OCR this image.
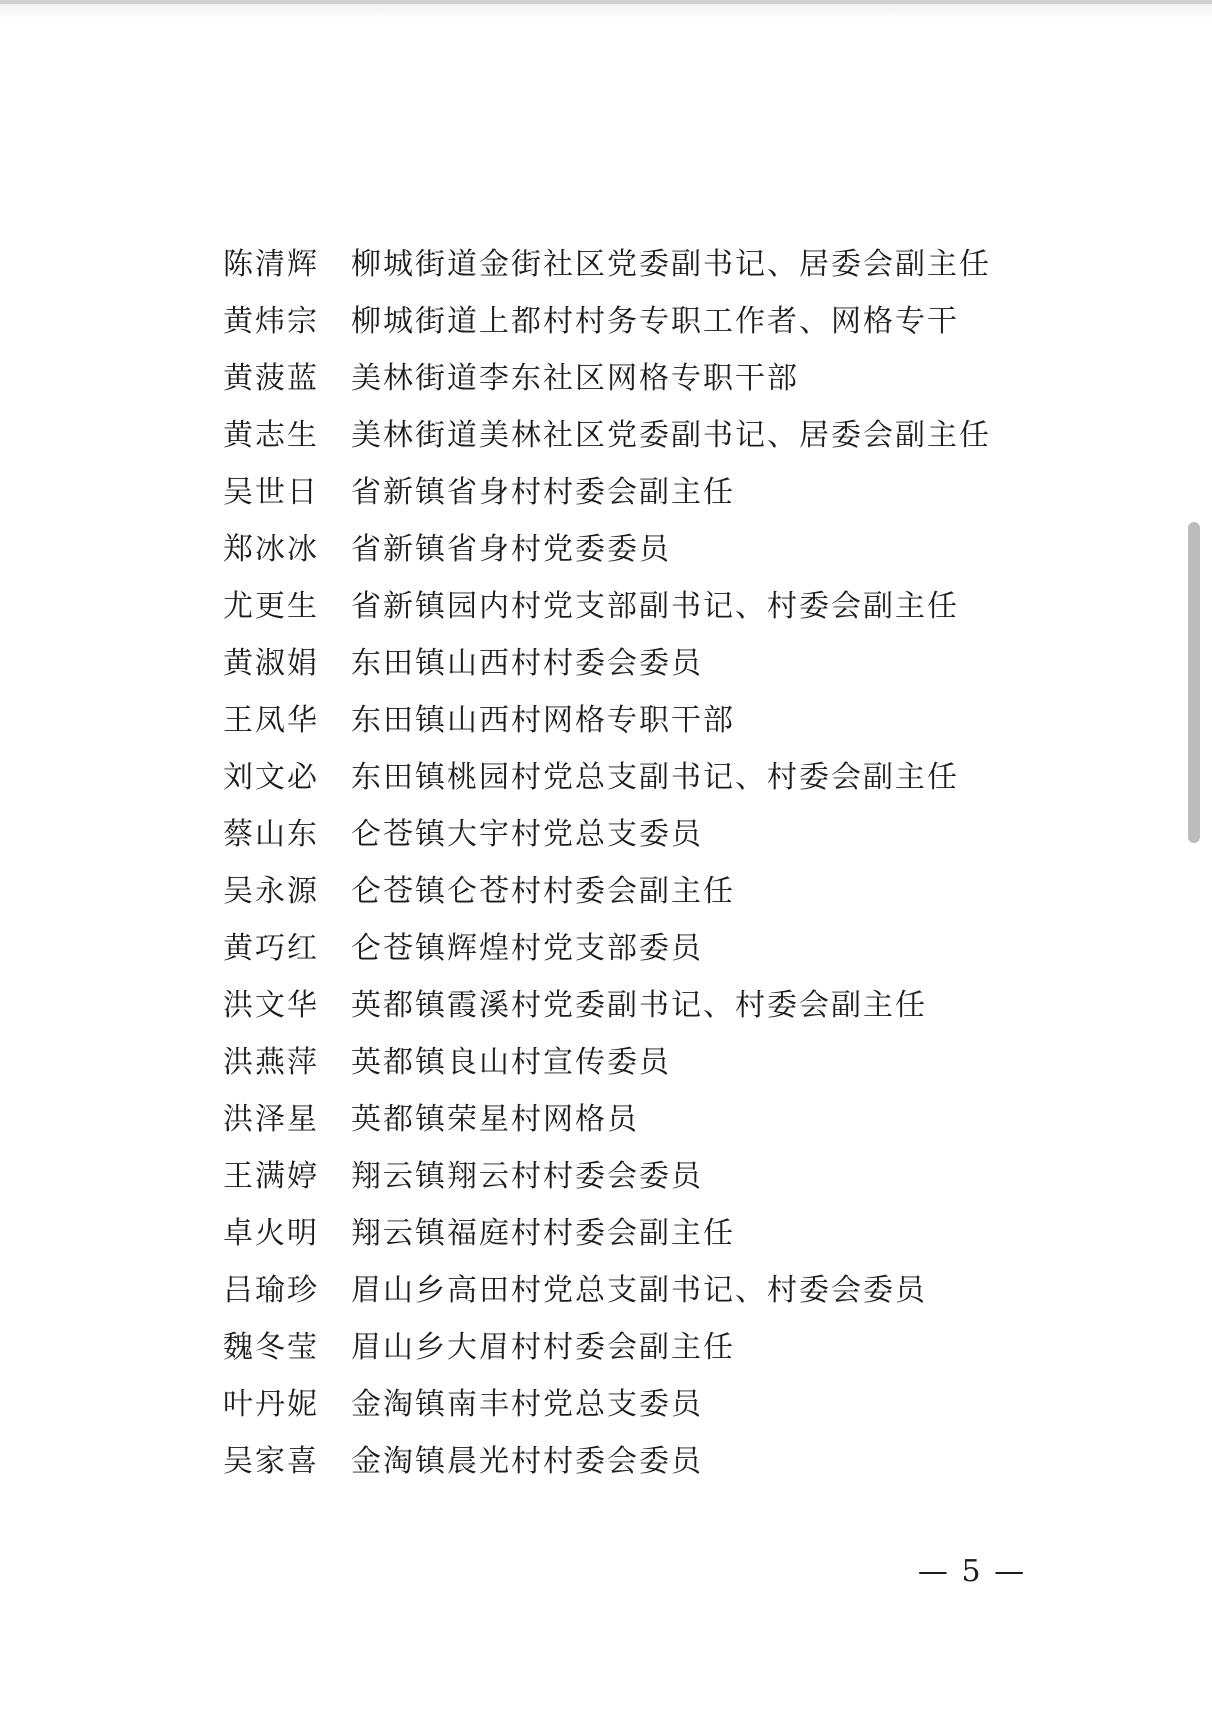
陈清辉 柳城街道金街社区党委副书记、居委会副主任
黄炜宗 柳城街道上都村村务专职工作者、网格专干
黄菠蓝 美林街道李东社区网格专职干部
黄志生 美林街道美林社区党委副书记、居委会副主任
吴世日 省新镇省身村村委会副主任
郑冰冰 省新镇省身村党委委员
尤更生 省新镇园内村党支部副书记、村委会副主任
黄淑娟 东田镇山西村村委会委员
王凤华 东田镇山西村网格专职干部
刘文必 东田镇桃园村党总支副书记、村委会副主任
蔡山东 仑苍镇大宇村党总支委员
吴永源 仑苍镇仑苍村村委会副主任
黄巧红 仑苍镇辉煌村党支部委员
洪文华 英都镇霞溪村党委副书记、村委会副主任
洪燕萍 英都镇良山村宣传委员
洪泽星 英都镇荣星村网格员
王满婷 翔云镇翔云村村委会委员
卓火明 翔云镇福庭村村委会副主任
吕瑜珍 眉山乡高田村党总支副书记、村委会委员
魏冬莹 眉山乡大眉村村委会副主任
叶丹妮 金淘镇南丰村党总支委员
吴家喜 金淘镇晨光村村委会委员
— 5 —
